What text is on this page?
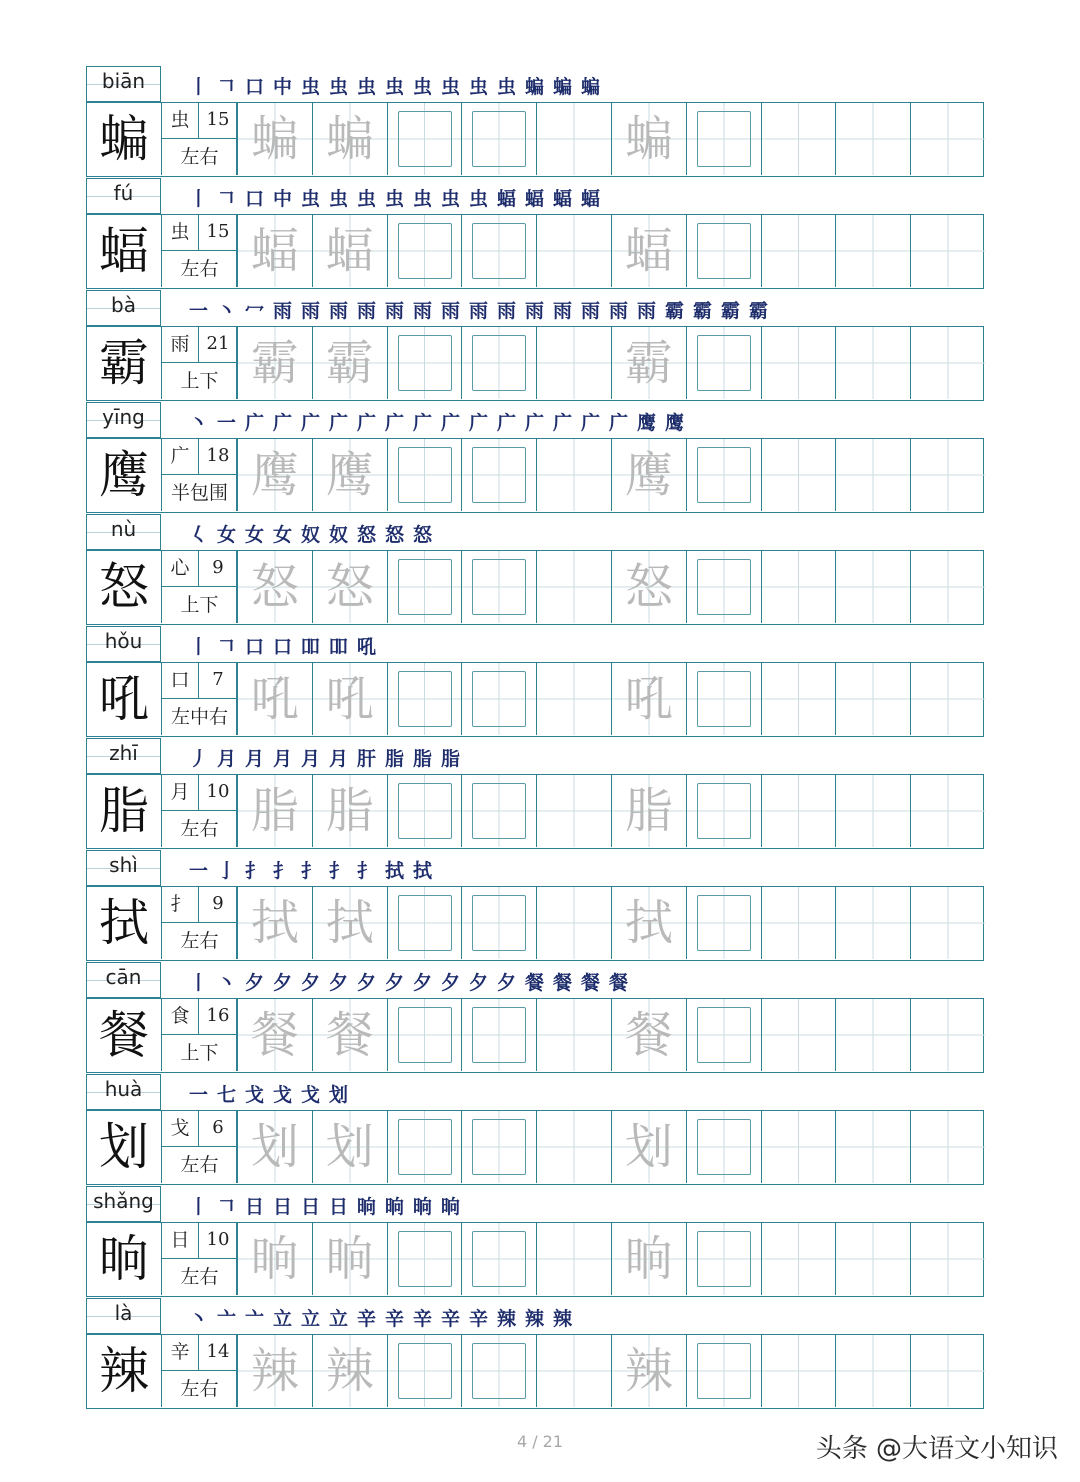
biān	丨 𠃍 口 中 虫 虫 虫 虫 虫 虫 虫 虫 蝙 蝙 蝙
蝙	虫 15
左右 蝙 蝙	蝙
fú	丨 𠃍 口 中 虫 虫 虫 虫 虫 虫 虫 蝠 蝠 蝠 蝠
蝠	虫 15
左右 蝠 蝠	蝠
bà	一 丶 冖 雨 雨 雨 雨 雨 雨 雨 雨 雨 雨 雨 雨 雨 雨 霸 霸 霸 霸
霸	雨 21
上下 霸 霸	霸
yīng	丶 一 广 广 广 广 广 广 广 广 广 广 广 广 广 广 鹰 鹰
鹰	广 18
半包围 鹰 鹰	鹰
nù	𡿨 女 女 女 奴 奴 怒 怒 怒
怒	心	9
上下 怒 怒	怒
hǒu	丨 𠃍 口 口 吅 吅 吼
吼	口	7
左中右 吼 吼	吼
zhī	丿 月 月 月 月 月 肝 脂 脂 脂
脂	月 10
左右 脂 脂	脂
shì	一 亅 扌 扌 扌 扌 扌 拭 拭
拭	扌	9
左右 拭 拭	拭
cān	丨 丶 夕 夕 夕 夕 夕 夕 夕 夕 夕 夕 餐 餐 餐 餐
餐	食 16
上下 餐 餐	餐
huà	一 七 戈 戈 戈 划
划	戈	6
左右 划 划	划
shǎng	丨 𠃍 日 日 日 日 晌 晌 晌 晌
晌	日 10
左右 晌 晌	晌
là	丶 亠 亠 立 立 立 辛 辛 辛 辛 辛 辣 辣 辣
辣	辛 14
左右 辣 辣	辣
4 / 21	头条 @大语文小知识
